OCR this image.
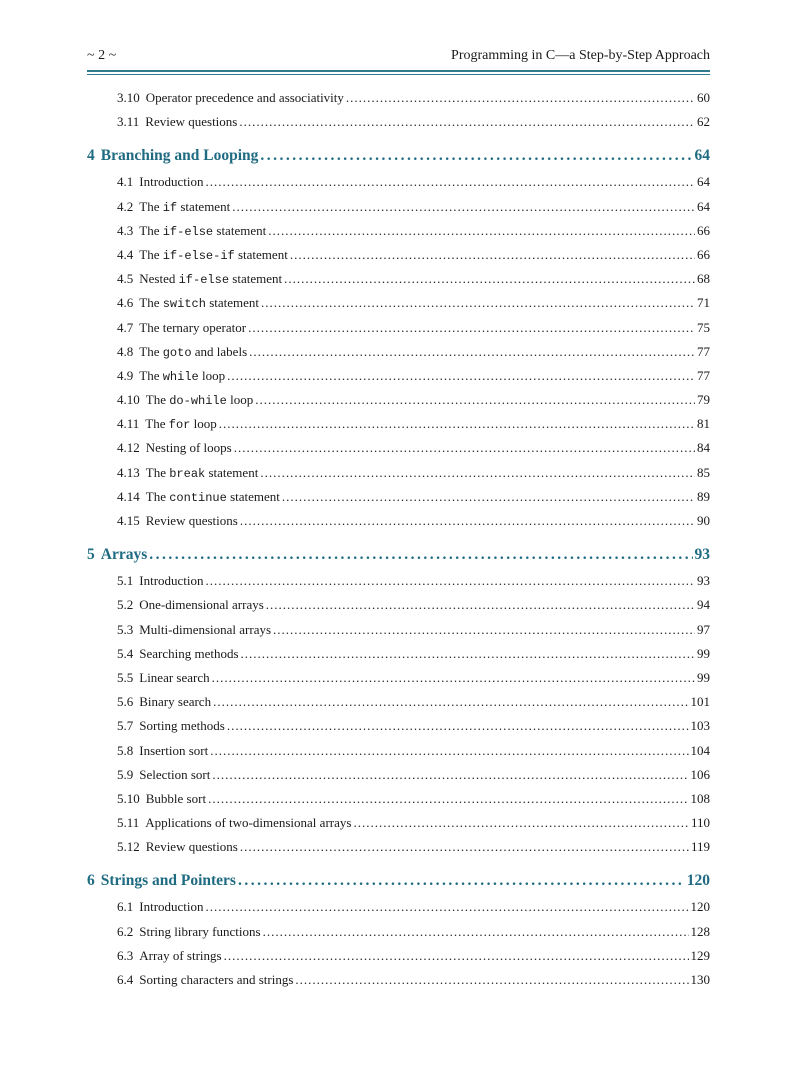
~ 2 ~	Programming in C—a Step-by-Step Approach
3.10 Operator precedence and associativity .....	60
3.11 Review questions .....	62
4 Branching and Looping .....	64
4.1 Introduction .....	64
4.2 The if statement .....	64
4.3 The if-else statement .....	66
4.4 The if-else-if statement .....	66
4.5 Nested if-else statement .....	68
4.6 The switch statement .....	71
4.7 The ternary operator .....	75
4.8 The goto and labels .....	77
4.9 The while loop .....	77
4.10 The do-while loop .....	79
4.11 The for loop .....	81
4.12 Nesting of loops .....	84
4.13 The break statement .....	85
4.14 The continue statement .....	89
4.15 Review questions .....	90
5 Arrays .....	93
5.1 Introduction .....	93
5.2 One-dimensional arrays .....	94
5.3 Multi-dimensional arrays .....	97
5.4 Searching methods .....	99
5.5 Linear search .....	99
5.6 Binary search .....	101
5.7 Sorting methods .....	103
5.8 Insertion sort .....	104
5.9 Selection sort .....	106
5.10 Bubble sort .....	108
5.11 Applications of two-dimensional arrays .....	110
5.12 Review questions .....	119
6 Strings and Pointers .....	120
6.1 Introduction .....	120
6.2 String library functions .....	128
6.3 Array of strings .....	129
6.4 Sorting characters and strings .....	130
